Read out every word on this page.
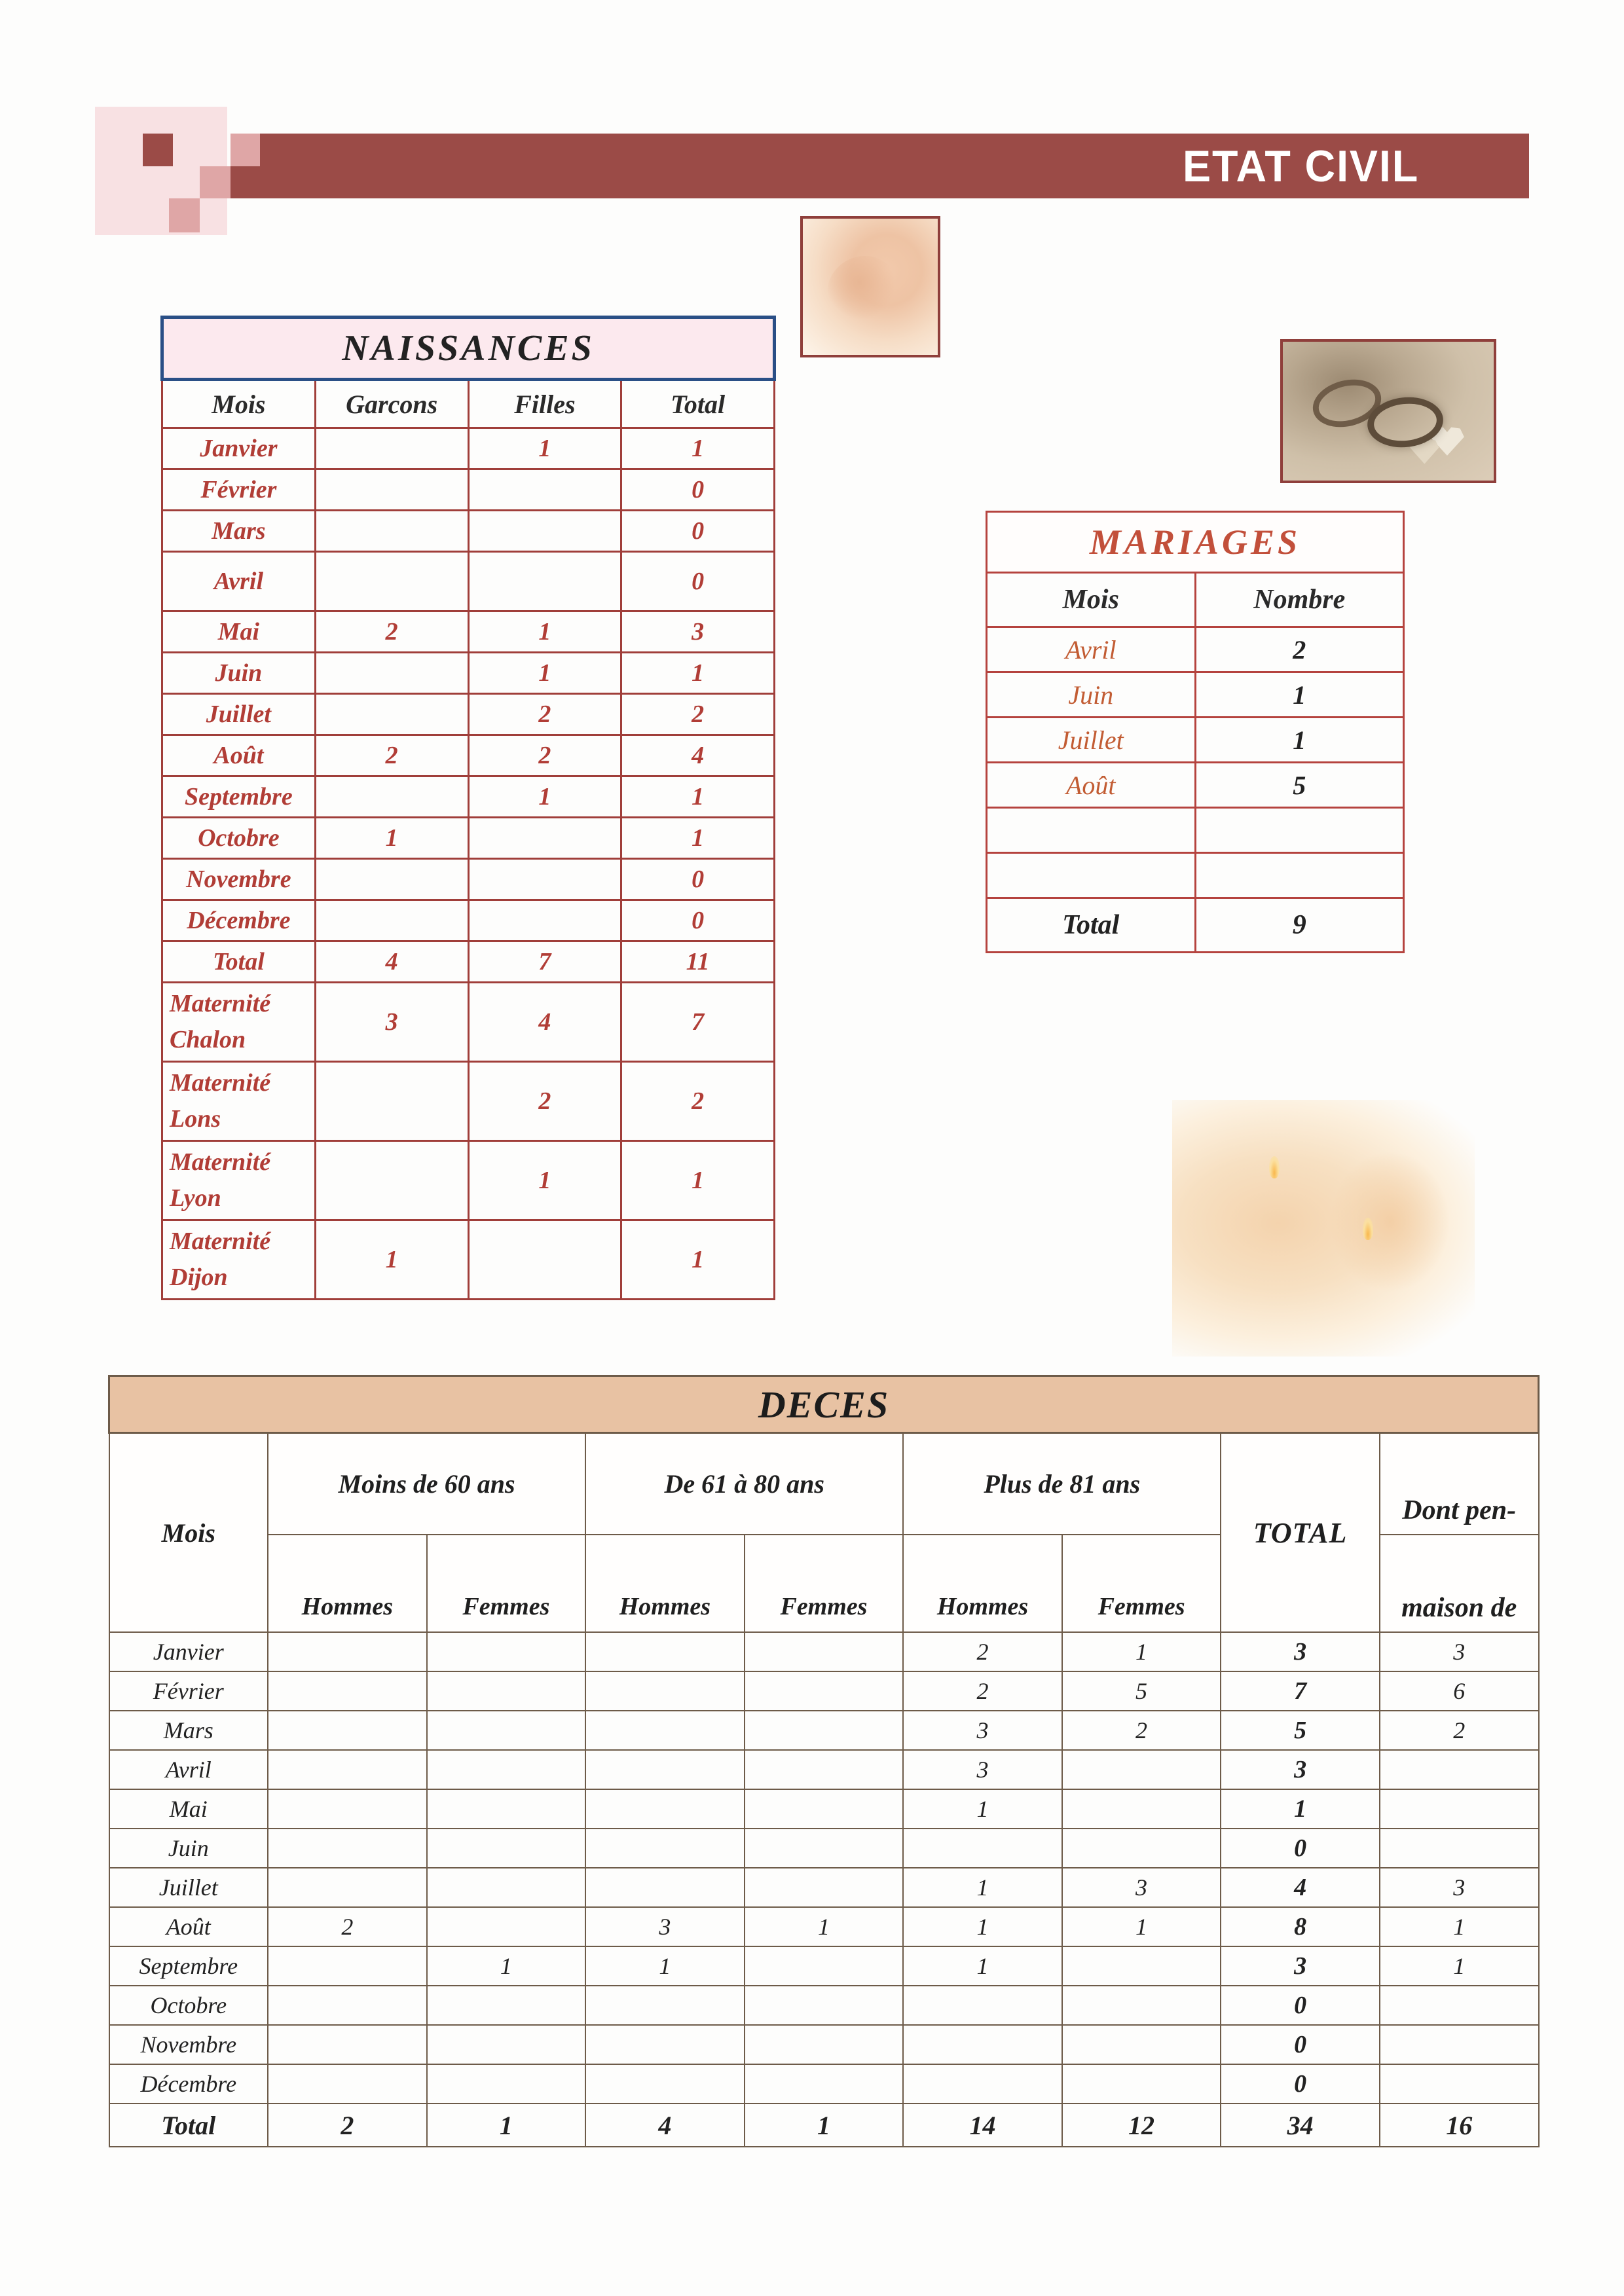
ETAT CIVIL
NAISSANCES			
Mois	Garcons	Filles	Total
Janvier		1	1
Février			0
Mars			0
Avril			0
Mai	2	1	3
Juin		1	1
Juillet		2	2
Août	2	2	4
Septembre		1	1
Octobre	1		1
Novembre			0
Décembre			0
Total	4	7	11
Maternité Chalon	3	4	7
Maternité Lons		2	2
Maternité Lyon		1	1
Maternité Dijon	1		1
MARIAGES	
Mois	Nombre
Avril	2
Juin	1
Juillet	1
Août	5

Total	9
DECES								
Mois	Moins de 60 ans		De 61 à 80 ans		Plus de 81 ans		TOTAL	Dont pen-
	Hommes	Femmes	Hommes	Femmes	Hommes	Femmes		maison de
Janvier					2	1	3	3
Février					2	5	7	6
Mars					3	2	5	2
Avril					3		3	
Mai					1		1	
Juin							0	
Juillet					1	3	4	3
Août	2		3	1	1	1	8	1
Septembre		1	1		1		3	1
Octobre							0	
Novembre							0	
Décembre							0	
Total	2	1	4	1	14	12	34	16
